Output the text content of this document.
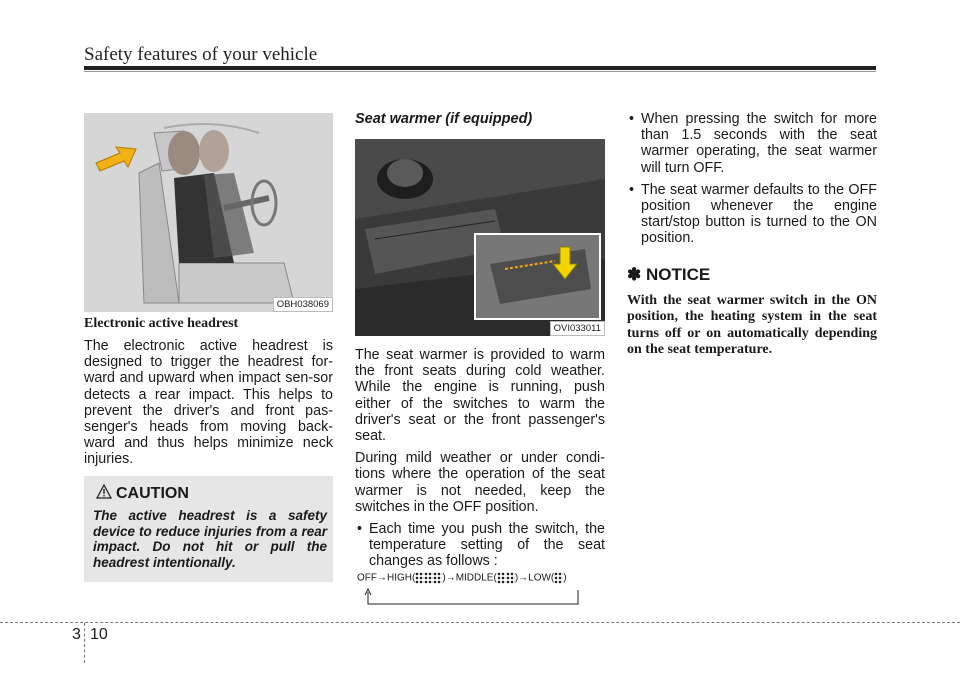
Safety features of your vehicle
OBH038069
Electronic active headrest

The electronic active headrest is designed to trigger the headrest for-ward and upward when impact sen-sor detects a rear impact. This helps to prevent the driver's and front pas-senger's heads from moving back-ward and thus helps minimize neck injuries.

CAUTION
The active headrest is a safety device to reduce injuries from a rear impact. Do not hit or pull the headrest intentionally.
Seat warmer (if equipped)
OVI033011

The seat warmer is provided to warm the front seats during cold weather. While the engine is running, push either of the switches to warm the driver's seat or the front passenger's seat.

During mild weather or under condi-tions where the operation of the seat warmer is not needed, keep the switches in the OFF position.

• Each time you push the switch, the temperature setting of the seat changes as follows :

OFF→HIGH(	)→MIDDLE( )→LOW( )

• When pressing the switch for more than 1.5 seconds with the seat warmer operating, the seat warmer will turn OFF.

• The seat warmer defaults to the OFF position whenever the engine start/stop button is turned to the ON position.

✽ NOTICE

With the seat warmer switch in the ON position, the heating system in the seat turns off or on automatically depending on the seat temperature.

3 10
